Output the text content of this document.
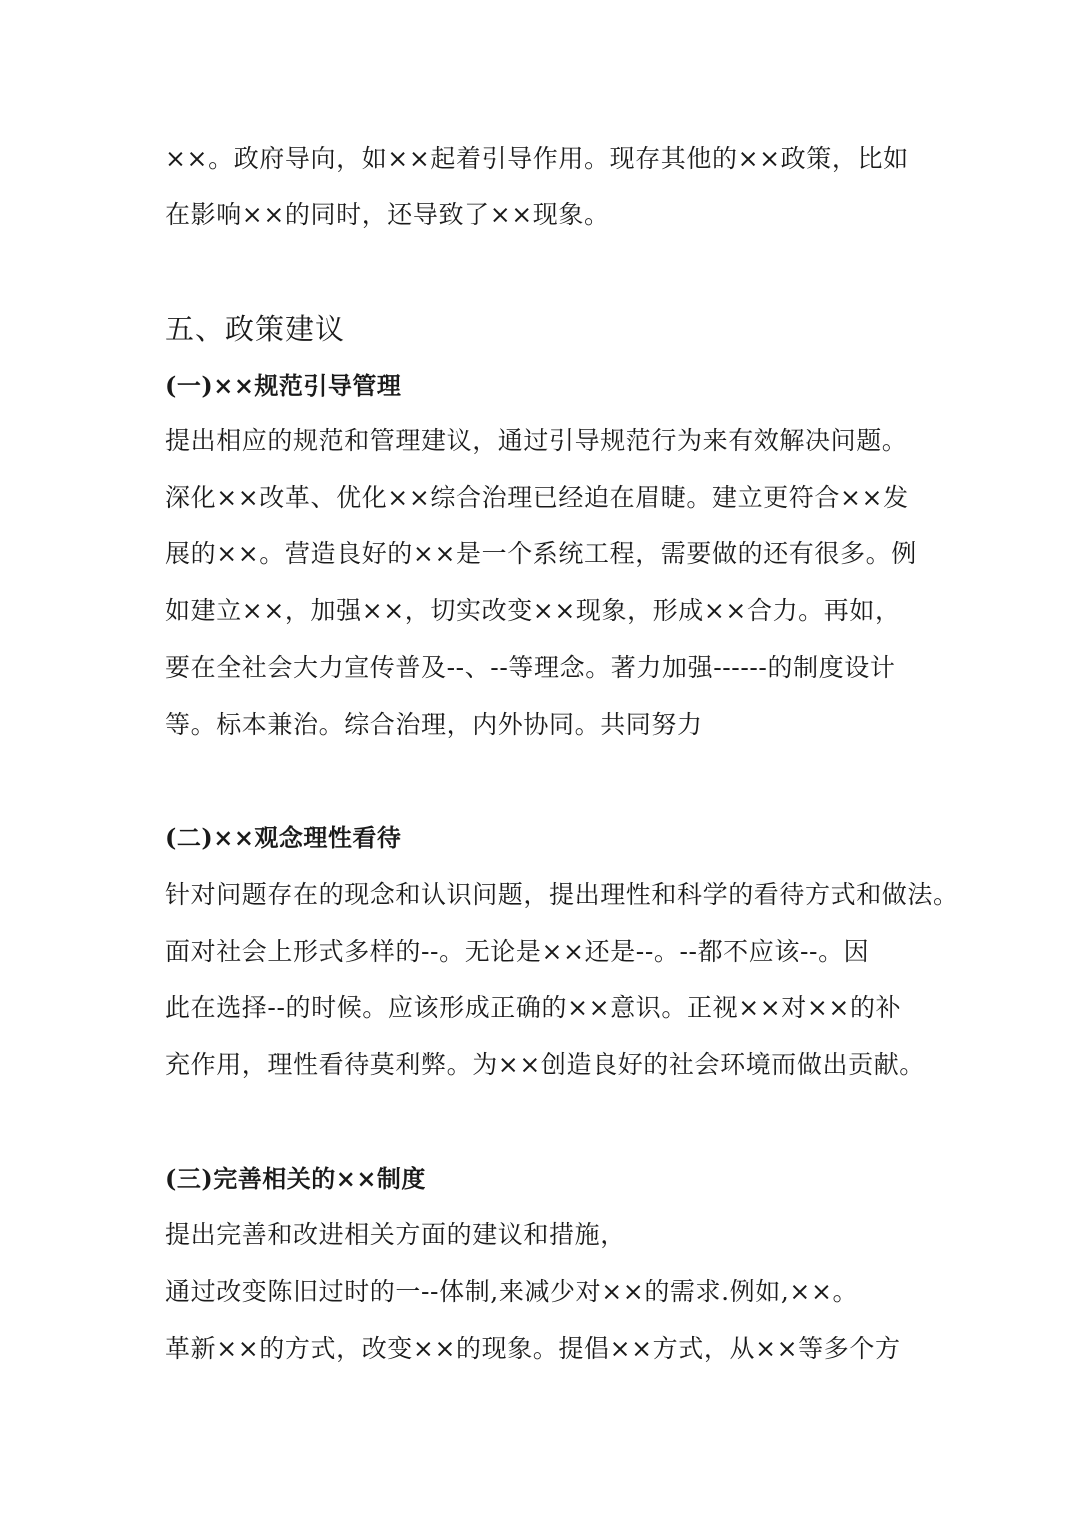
××。政府导向，如××起着引导作用。现存其他的××政策，比如
在影响××的同时，还导致了××现象。
五、政策建议
(一)××规范引导管理
提出相应的规范和管理建议，通过引导规范行为来有效解决问题。
深化××改革、优化××综合治理已经迫在眉睫。建立更符合××发
展的××。营造良好的××是一个系统工程，需要做的还有很多。例
如建立××，加强××，切实改变××现象，形成××合力。再如，
要在全社会大力宣传普及--、--等理念。著力加强------的制度设计
等。标本兼治。综合治理，内外协同。共同努力
(二)××观念理性看待
针对问题存在的现念和认识问题，提出理性和科学的看待方式和做法。
面对社会上形式多样的--。无论是××还是--。--都不应该--。因
此在选择--的时候。应该形成正确的××意识。正视××对××的补
充作用，理性看待莫利弊。为××创造良好的社会环境而做出贡献。
(三)完善相关的××制度
提出完善和改进相关方面的建议和措施，
通过改变陈旧过时的一--体制,来减少对××的需求.例如,××。
革新××的方式，改变××的现象。提倡××方式，从××等多个方
